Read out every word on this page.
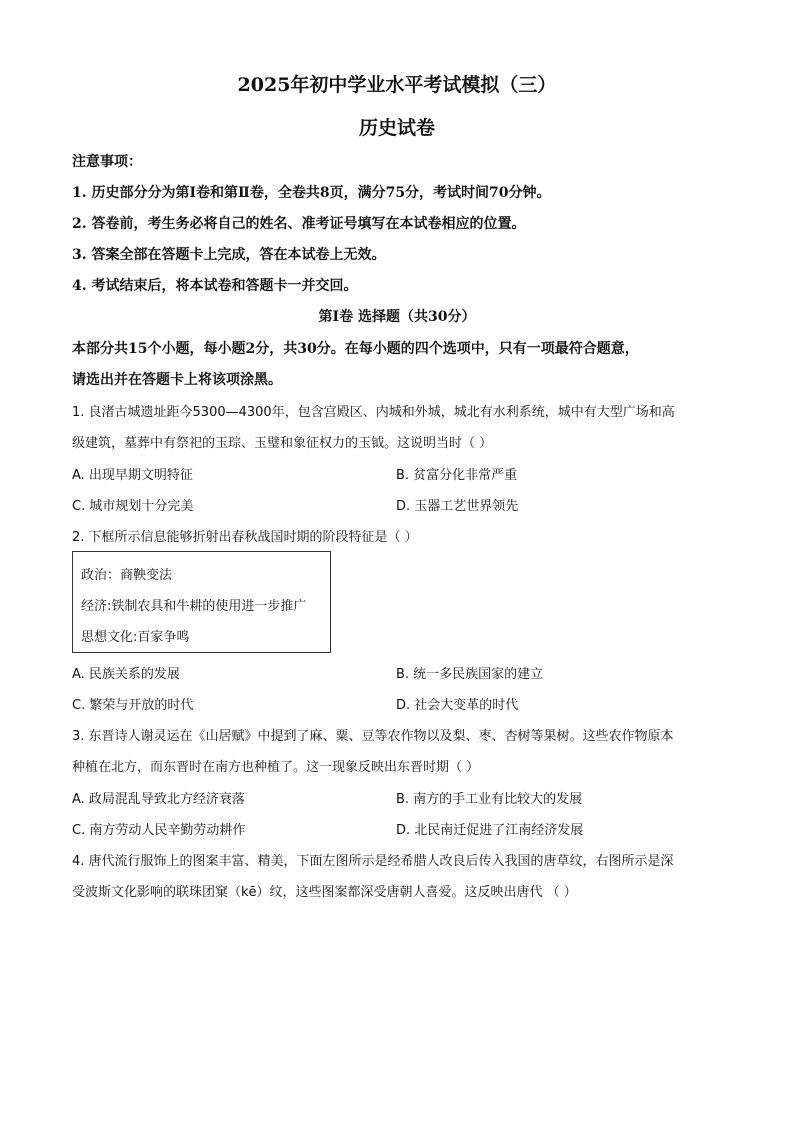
2025年初中学业水平考试模拟（三）
历史试卷
注意事项：
1. 历史部分分为第Ⅰ卷和第Ⅱ卷，全卷共8页，满分75分，考试时间70分钟。
2. 答卷前，考生务必将自己的姓名、准考证号填写在本试卷相应的位置。
3. 答案全部在答题卡上完成，答在本试卷上无效。
4. 考试结束后，将本试卷和答题卡一并交回。
第Ⅰ卷 选择题（共30分）
本部分共15个小题，每小题2分，共30分。在每小题的四个选项中，只有一项最符合题意，
请选出并在答题卡上将该项涂黑。
1. 良渚古城遗址距今5300—4300年，包含宫殿区、内城和外城，城北有水利系统，城中有大型广场和高
级建筑，墓葬中有祭祀的玉琮、玉璧和象征权力的玉钺。这说明当时（ ）
A. 出现早期文明特征	B. 贫富分化非常严重
C. 城市规划十分完美	D. 玉器工艺世界领先
2. 下框所示信息能够折射出春秋战国时期的阶段特征是（ ）
政治：商鞅变法
经济:铁制农具和牛耕的使用进一步推广
思想文化:百家争鸣
A. 民族关系的发展	B. 统一多民族国家的建立
C. 繁荣与开放的时代	D. 社会大变革的时代
3. 东晋诗人谢灵运在《山居赋》中提到了麻、粟、豆等农作物以及梨、枣、杏树等果树。这些农作物原本
种植在北方，而东晋时在南方也种植了。这一现象反映出东晋时期（ ）
A. 政局混乱导致北方经济衰落	B. 南方的手工业有比较大的发展
C. 南方劳动人民辛勤劳动耕作	D. 北民南迁促进了江南经济发展
4. 唐代流行服饰上的图案丰富、精美，下面左图所示是经希腊人改良后传入我国的唐草纹，右图所示是深
受波斯文化影响的联珠团窠（kē）纹，这些图案都深受唐朝人喜爱。这反映出唐代 （ ）
